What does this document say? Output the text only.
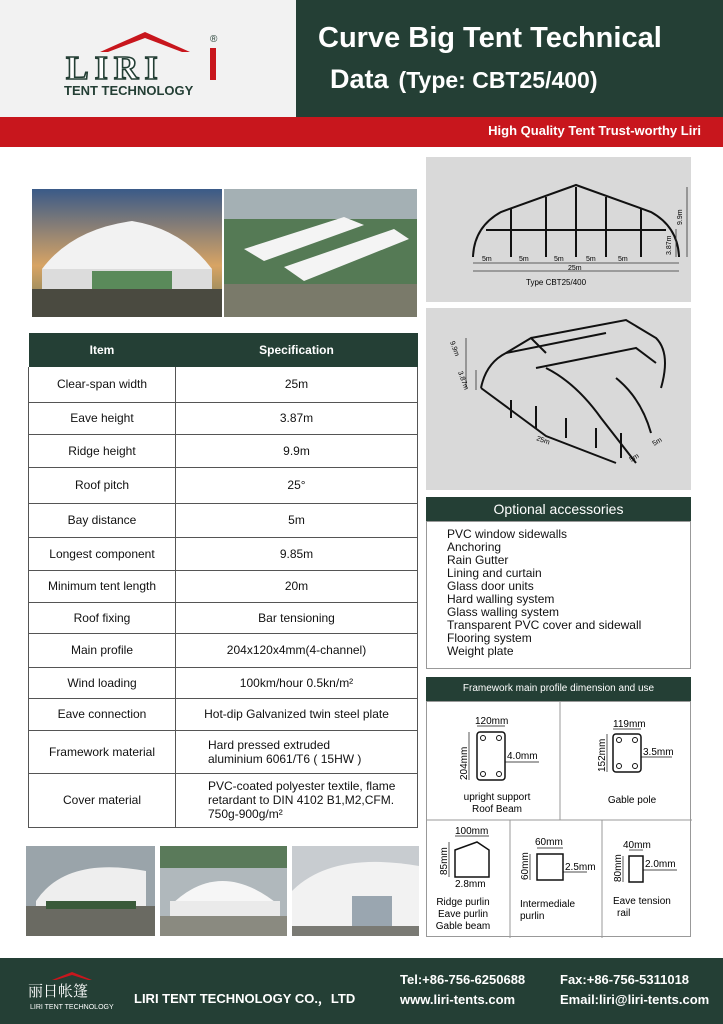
LIRI
®
TENT TECHNOLOGY
Curve Big Tent Technical
Data (Type: CBT25/400)
High Quality Tent Trust-worthy Liri
Item	Specification
Clear-span width	25m
Eave height	3.87m
Ridge height	9.9m
Roof pitch	25°
Bay distance	5m
Longest component	9.85m
Minimum tent length	20m
Roof fixing	Bar tensioning
Main profile	204x120x4mm(4-channel)
Wind loading	100km/hour 0.5kn/m²
Eave connection	Hot-dip Galvanized twin steel plate
Framework material	Hard pressed extruded
aluminium 6061/T6 ( 15HW )

Cover material	PVC-coated polyester textile, flame
retardant to DIN 4102 B1,M2,CFM.
750g-900g/m²
5m	5m	5m	5m	5m
25m
9.9m
3.87m
Type CBT25/400
9.9m
3.87m
25m
5m
5m
Optional accessories
PVC window sidewalls
Anchoring
Rain Gutter
Lining and curtain
Glass door units
Hard walling system
Glass walling system
Transparent PVC cover and sidewall
Flooring system
Weight plate
Framework main profile dimension and use
120mm
204mm	4.0mm
upright support
Roof Beam
119mm
152mm	3.5mm
Gable pole
100mm
85mm
2.8mm
Ridge purlin
Eave purlin
Gable beam
60mm
60mm	2.5mm
Intermediale
purlin
40mm
80mm 2.0mm
Eave tension
rail
丽日帐篷
LIRI TENT TECHNOLOGY
LIRI TENT TECHNOLOGY CO.，LTD
Tel:+86-756-6250688	Fax:+86-756-5311018
www.liri-tents.com	Email:liri@liri-tents.com
